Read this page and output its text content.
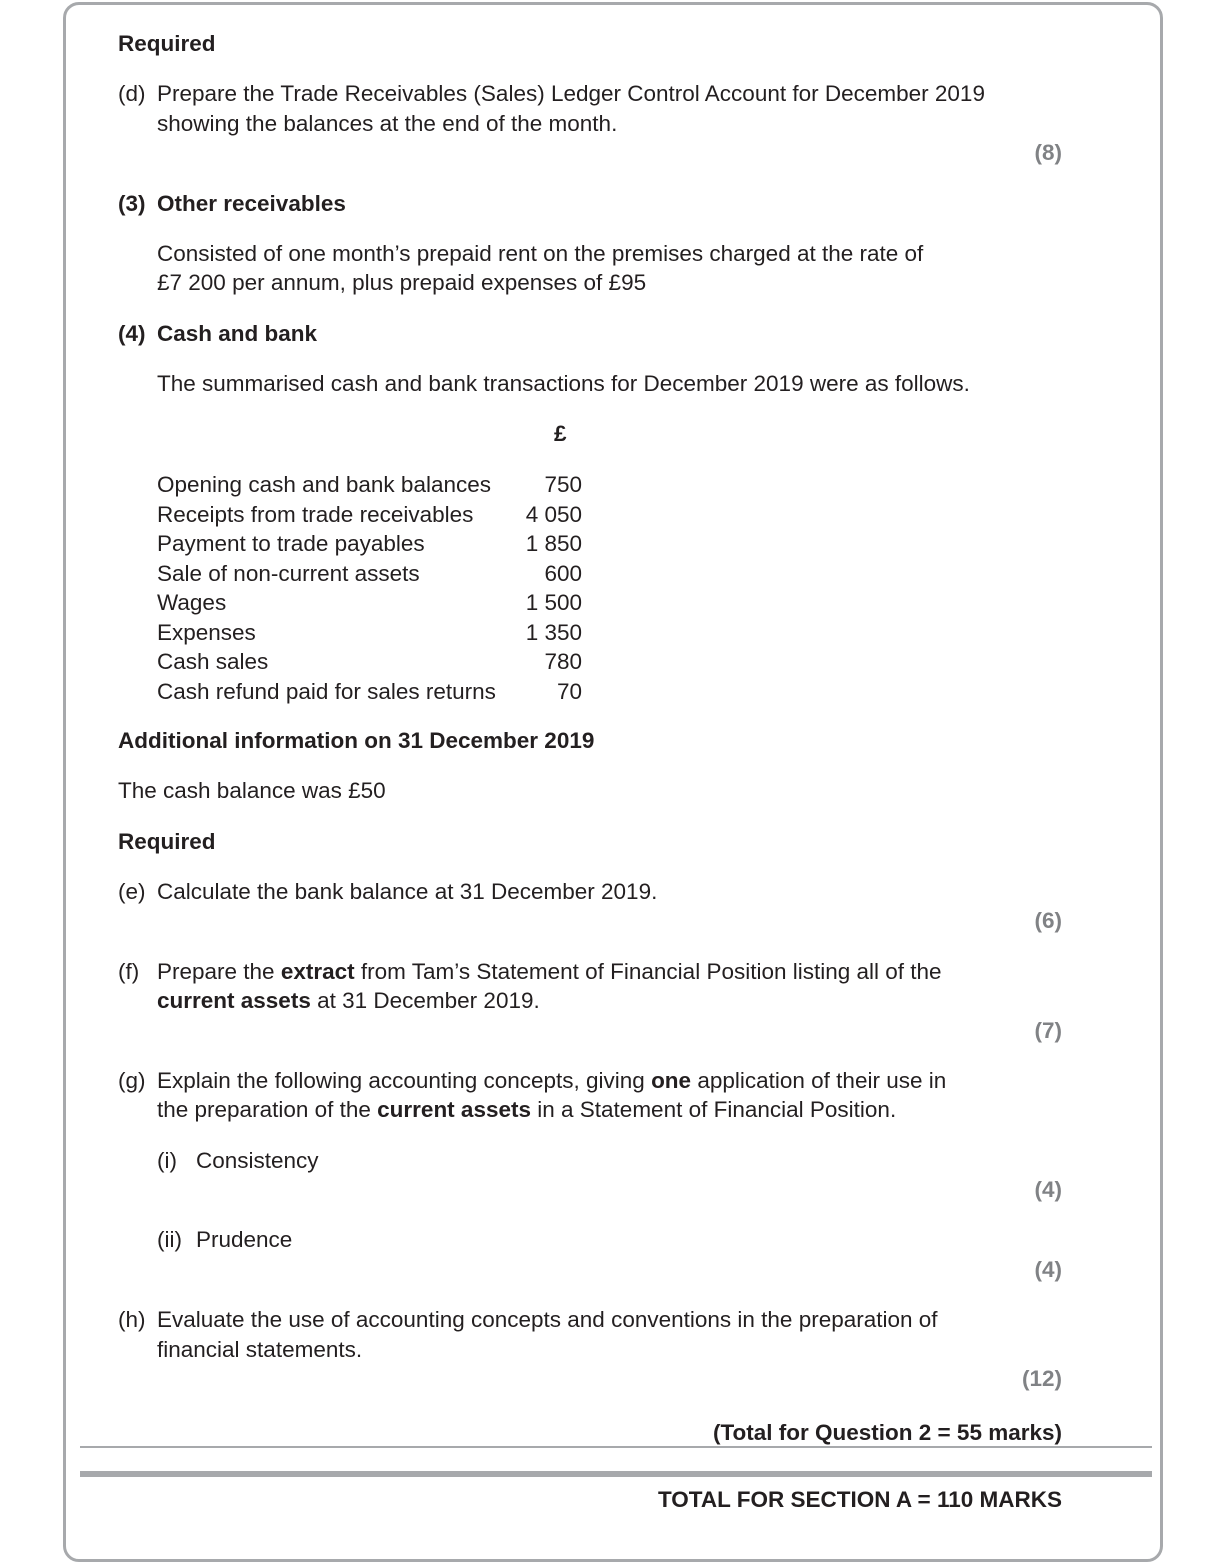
Required
(d) Prepare the Trade Receivables (Sales) Ledger Control Account for December 2019
showing the balances at the end of the month.
(8)
(3) Other receivables
Consisted of one month’s prepaid rent on the premises charged at the rate of
£7 200 per annum, plus prepaid expenses of £95
(4) Cash and bank
The summarised cash and bank transactions for December 2019 were as follows.
£
Opening cash and bank balances	750
Receipts from trade receivables	4 050
Payment to trade payables	1 850
Sale of non-current assets	600
Wages	1 500
Expenses	1 350
Cash sales	780
Cash refund paid for sales returns	70
Additional information on 31 December 2019
The cash balance was £50
Required
(e) Calculate the bank balance at 31 December 2019.
(6)
(f) Prepare the extract from Tam’s Statement of Financial Position listing all of the
current assets at 31 December 2019.
(7)
(g) Explain the following accounting concepts, giving one application of their use in
the preparation of the current assets in a Statement of Financial Position.
(i) Consistency
(4)
(ii) Prudence
(4)
(h) Evaluate the use of accounting concepts and conventions in the preparation of
financial statements.
(12)
(Total for Question 2 = 55 marks)
TOTAL FOR SECTION A = 110 MARKS
